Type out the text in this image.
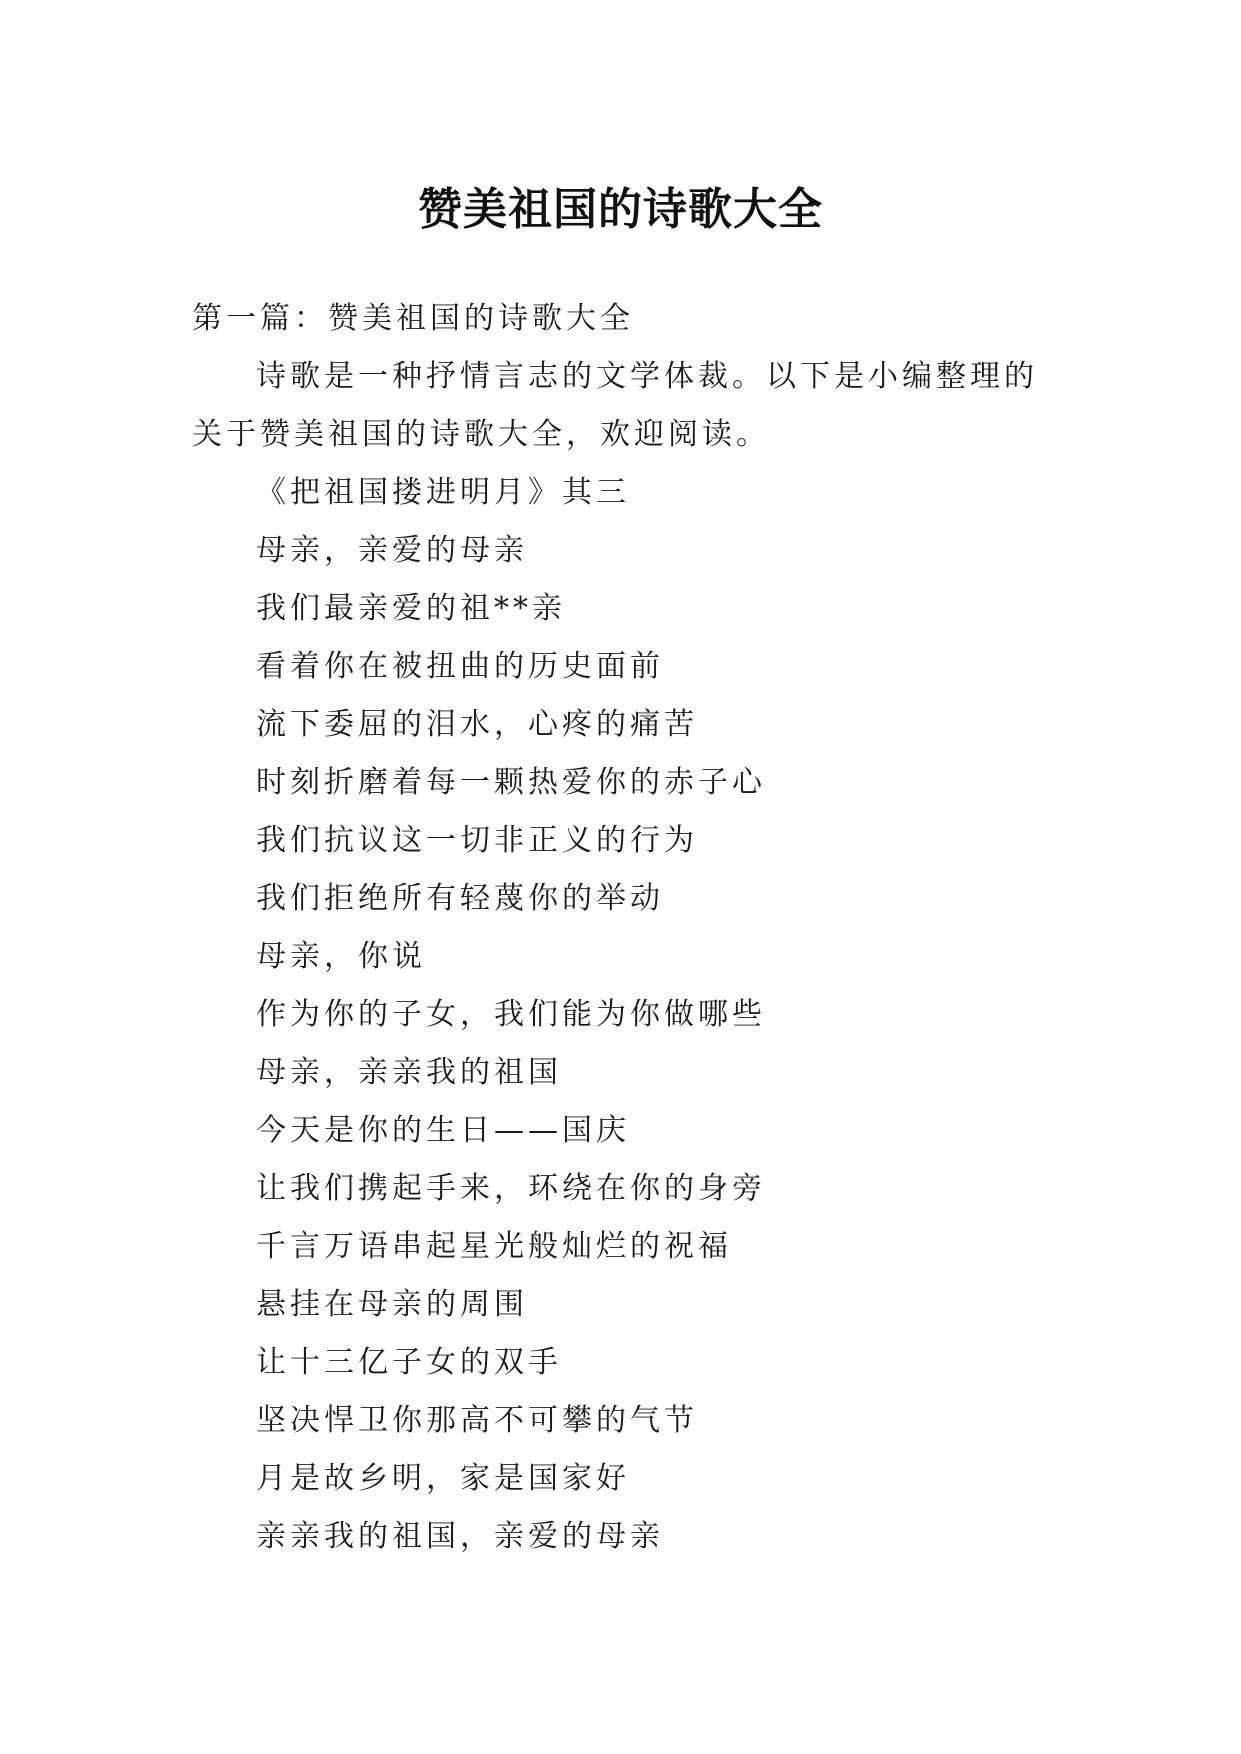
赞美祖国的诗歌大全

第一篇：赞美祖国的诗歌大全

诗歌是一种抒情言志的文学体裁。以下是小编整理的关于赞美祖国的诗歌大全，欢迎阅读。

《把祖国搂进明月》其三

母亲，亲爱的母亲

我们最亲爱的祖**亲

看着你在被扭曲的历史面前

流下委屈的泪水，心疼的痛苦

时刻折磨着每一颗热爱你的赤子心

我们抗议这一切非正义的行为

我们拒绝所有轻蔑你的举动

母亲，你说

作为你的子女，我们能为你做哪些

母亲，亲亲我的祖国

今天是你的生日——国庆

让我们携起手来，环绕在你的身旁

千言万语串起星光般灿烂的祝福

悬挂在母亲的周围

让十三亿子女的双手

坚决悍卫你那高不可攀的气节

月是故乡明，家是国家好

亲亲我的祖国，亲爱的母亲
